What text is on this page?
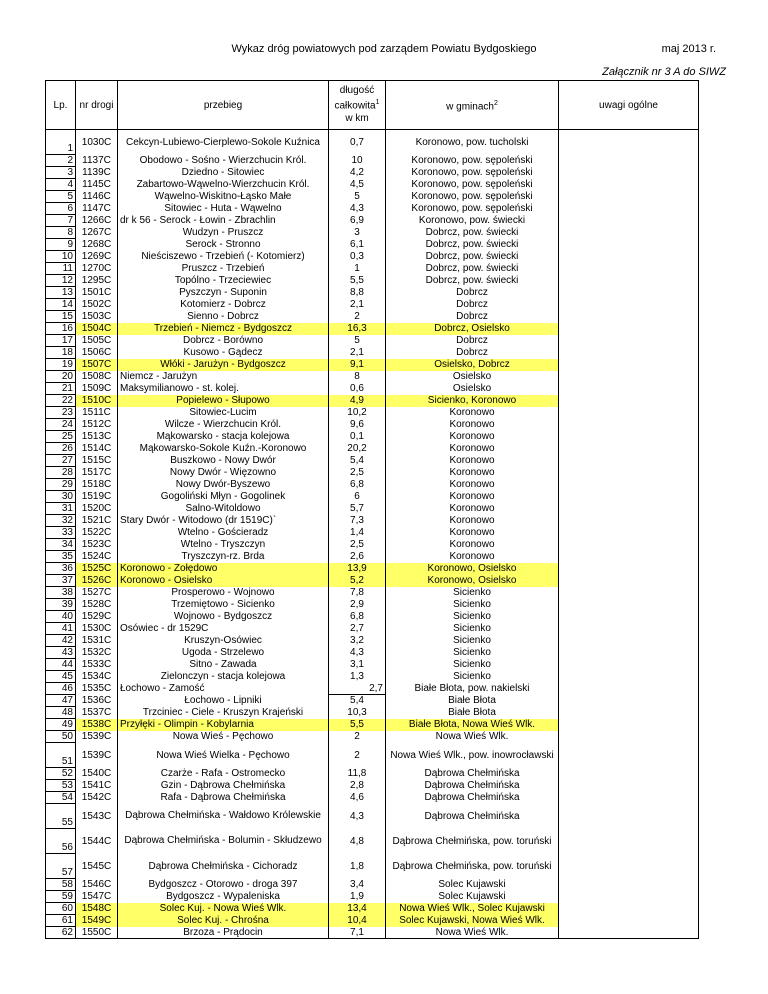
Wykaz dróg powiatowych pod zarządem Powiatu Bydgoskiego	maj 2013 r.
Załącznik nr 3 A do SIWZ
Lp.	nr drogi	przebieg	długość
całkowita$^1$
w km	w gminach$^2$	uwagi ogólne
1	1030C	Cekcyn-Lubiewo-Cierplewo-Sokole Kuźnica	0,7	Koronowo, pow. tucholski	
2	1137C	Obodowo - Sośno - Wierzchucin Król.	10	Koronowo, pow. sępoleński	
3	1139C	Dziedno - Sitowiec	4,2	Koronowo, pow. sępoleński	
4	1145C	Zabartowo-Wąwelno-Wierzchucin Król.	4,5	Koronowo, pow. sępoleński	
5	1146C	Wąwelno-Wiskitno-Łąsko Małe	5	Koronowo, pow. sępoleński	
6	1147C	Sitowiec - Huta - Wąwelno	4,3	Koronowo, pow. sępoleński	
7	1266C	dr k 56 - Serock - Łowin - Zbrachlin	6,9	Koronowo, pow. świecki	
8	1267C	Wudzyn - Pruszcz	3	Dobrcz, pow. świecki	
9	1268C	Serock - Stronno	6,1	Dobrcz, pow. świecki	
10	1269C	Nieściszewo - Trzebień (- Kotomierz)	0,3	Dobrcz, pow. świecki	
11	1270C	Pruszcz - Trzebień	1	Dobrcz, pow. świecki	
12	1295C	Topólno - Trzeciewiec	5,5	Dobrcz, pow. świecki	
13	1501C	Pyszczyn - Suponin	8,8	Dobrcz	
14	1502C	Kotomierz - Dobrcz	2,1	Dobrcz	
15	1503C	Sienno - Dobrcz	2	Dobrcz	
16	1504C	Trzebień - Niemcz - Bydgoszcz	16,3	Dobrcz, Osielsko	
17	1505C	Dobrcz - Borówno	5	Dobrcz	
18	1506C	Kusowo - Gądecz	2,1	Dobrcz	
19	1507C	Włóki - Jarużyn - Bydgoszcz	9,1	Osielsko, Dobrcz	
20	1508C	Niemcz - Jarużyn	8	Osielsko	
21	1509C	Maksymilianowo - st. kolej.	0,6	Osielsko	
22	1510C	Popielewo - Słupowo	4,9	Sicienko, Koronowo	
23	1511C	Sitowiec-Lucim	10,2	Koronowo	
24	1512C	Wilcze - Wierzchucin Król.	9,6	Koronowo	
25	1513C	Mąkowarsko - stacja kolejowa	0,1	Koronowo	
26	1514C	Mąkowarsko-Sokole Kuźn.-Koronowo	20,2	Koronowo	
27	1515C	Buszkowo - Nowy Dwór	5,4	Koronowo	
28	1517C	Nowy Dwór - Więzowno	2,5	Koronowo	
29	1518C	Nowy Dwór-Byszewo	6,8	Koronowo	
30	1519C	Gogoliński Młyn - Gogolinek	6	Koronowo	
31	1520C	Salno-Witoldowo	5,7	Koronowo	
32	1521C	Stary Dwór - Witodowo (dr 1519C)`	7,3	Koronowo	
33	1522C	Wtelno - Gościeradz	1,4	Koronowo	
34	1523C	Wtelno - Tryszczyn	2,5	Koronowo	
35	1524C	Tryszczyn-rz. Brda	2,6	Koronowo	
36	1525C	Koronowo - Żołędowo	13,9	Koronowo, Osielsko	
37	1526C	Koronowo - Osielsko	5,2	Koronowo, Osielsko	
38	1527C	Prosperowo - Wojnowo	7,8	Sicienko	
39	1528C	Trzemiętowo - Sicienko	2,9	Sicienko	
40	1529C	Wojnowo - Bydgoszcz	6,8	Sicienko	
41	1530C	Osówiec - dr 1529C	2,7	Sicienko	
42	1531C	Kruszyn-Osówiec	3,2	Sicienko	
43	1532C	Ugoda - Strzelewo	4,3	Sicienko	
44	1533C	Sitno - Zawada	3,1	Sicienko	
45	1534C	Zielonczyn - stacja kolejowa	1,3	Sicienko	
46	1535C	Łochowo - Zamość	2,7	Białe Błota, pow. nakielski	
47	1536C	Łochowo - Lipniki	5,4	Białe Błota	
48	1537C	Trzciniec - Ciele - Kruszyn Krajeński	10,3	Białe Błota	
49	1538C	Przyłęki - Olimpin - Kobylarnia	5,5	Białe Błota, Nowa Wieś Wlk.	
50	1539C	Nowa Wieś - Pęchowo	2	Nowa Wieś Wlk.	
51	1539C	Nowa Wieś Wielka - Pęchowo	2	Nowa Wieś Wlk., pow. inowrocławski	
52	1540C	Czarże - Rafa - Ostromecko	11,8	Dąbrowa Chełmińska	
53	1541C	Gzin - Dąbrowa Chełmińska	2,8	Dąbrowa Chełmińska	
54	1542C	Rafa - Dąbrowa Chełmińska	4,6	Dąbrowa Chełmińska	
55	1543C	Dąbrowa Chełmińska - Wałdowo Królewskie	4,3	Dąbrowa Chełmińska	
56	1544C	Dąbrowa Chełmińska - Bolumin - Skłudzewo	4,8	Dąbrowa Chełmińska, pow. toruński	
57	1545C	Dąbrowa Chełmińska - Cichoradz	1,8	Dąbrowa Chełmińska, pow. toruński	
58	1546C	Bydgoszcz - Otorowo - droga 397	3,4	Solec Kujawski	
59	1547C	Bydgoszcz - Wypaleniska	1,9	Solec Kujawski	
60	1548C	Solec Kuj. - Nowa Wieś Wlk.	13,4	Nowa Wieś Wlk., Solec Kujawski	
61	1549C	Solec Kuj. - Chrośna	10,4	Solec Kujawski, Nowa Wieś Wlk.	
62	1550C	Brzoza - Prądocin	7,1	Nowa Wieś Wlk.	
